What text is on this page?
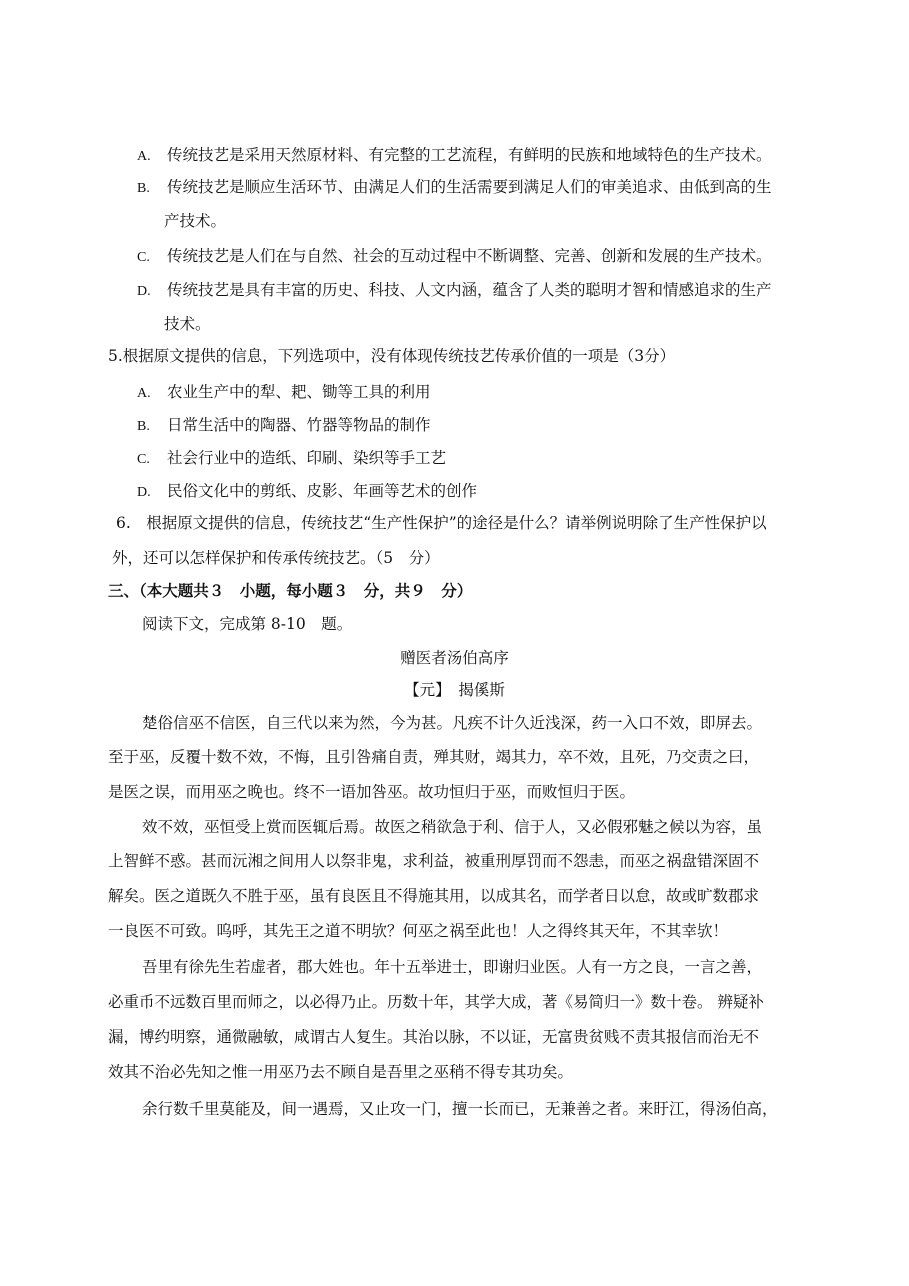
A. 传统技艺是采用天然原材料、有完整的工艺流程，有鲜明的民族和地域特色的生产技术。
B. 传统技艺是顺应生活环节、由满足人们的生活需要到满足人们的审美追求、由低到高的生
产技术。
C. 传统技艺是人们在与自然、社会的互动过程中不断调整、完善、创新和发展的生产技术。
D. 传统技艺是具有丰富的历史、科技、人文内涵，蕴含了人类的聪明才智和情感追求的生产
技术。
5.根据原文提供的信息，下列选项中，没有体现传统技艺传承价值的一项是（3分）
A. 农业生产中的犁、耙、锄等工具的利用
B. 日常生活中的陶器、竹器等物品的制作
C. 社会行业中的造纸、印刷、染织等手工艺
D. 民俗文化中的剪纸、皮影、年画等艺术的创作
6.　根据原文提供的信息，传统技艺“生产性保护”的途径是什么？请举例说明除了生产性保护以
外，还可以怎样保护和传承传统技艺。（5　分）
三、（本大题共３　小题，每小题３　分，共９　分）
阅读下文，完成第 8-10　题。
赠医者汤伯高序
【元】　揭傒斯
楚俗信巫不信医，自三代以来为然，今为甚。凡疾不计久近浅深，药一入口不效，即屏去。
至于巫，反覆十数不效，不悔，且引咎痛自责，殚其财，竭其力，卒不效，且死，乃交责之曰，
是医之误，而用巫之晚也。终不一语加咎巫。故功恒归于巫，而败恒归于医。
效不效，巫恒受上赏而医辄后焉。故医之稍欲急于利、信于人，又必假邪魅之候以为容，虽
上智鲜不惑。甚而沅湘之间用人以祭非鬼，求利益，被重刑厚罚而不怨恚，而巫之祸盘错深固不
解矣。医之道既久不胜于巫，虽有良医且不得施其用，以成其名，而学者日以怠，故或旷数郡求
一良医不可致。呜呼，其先王之道不明欤？何巫之祸至此也！人之得终其天年，不其幸欤！
吾里有徐先生若虚者，郡大姓也。年十五举进士，即谢归业医。人有一方之良，一言之善，
必重币不远数百里而师之，以必得乃止。历数十年，其学大成，著《易简归一》数十卷。 辨疑补
漏，博约明察，通微融敏，咸谓古人复生。其治以脉，不以证，无富贵贫贱不责其报信而治无不
效其不治必先知之惟一用巫乃去不顾自是吾里之巫稍不得专其功矣。
余行数千里莫能及，间一遇焉，又止攻一门，擅一长而已，无兼善之者。来盱江，得汤伯高，
